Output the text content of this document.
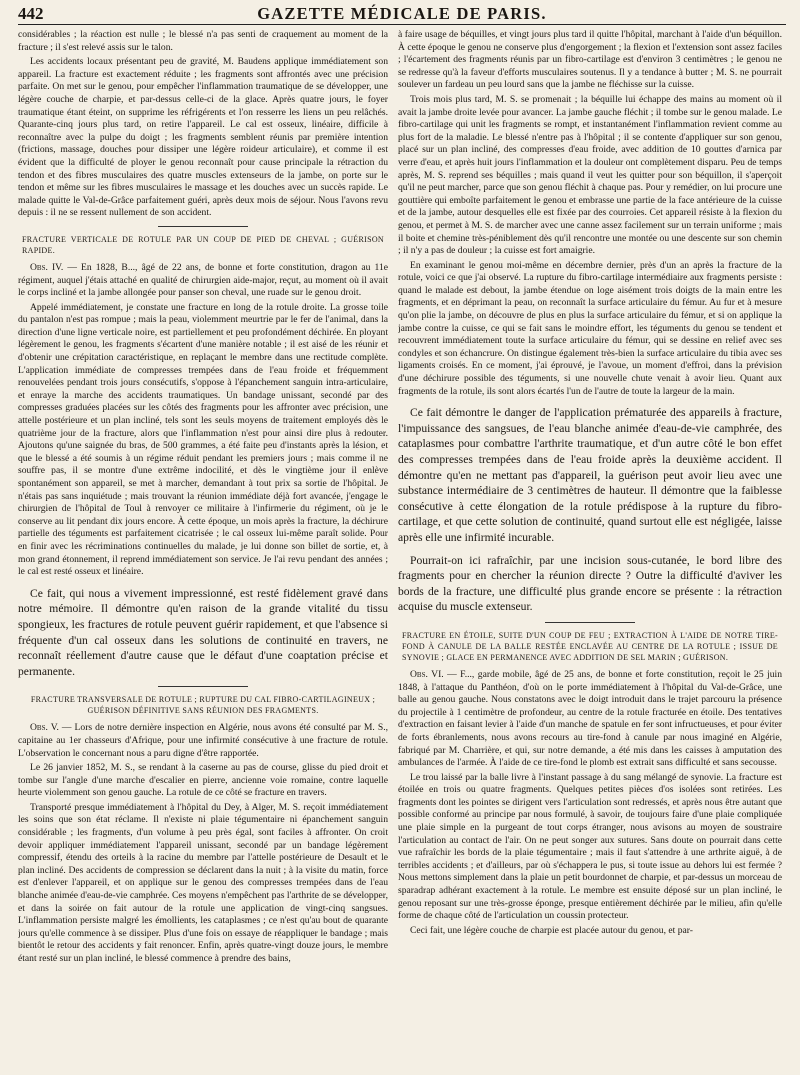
442	GAZETTE MÉDICALE DE PARIS.

considérables ; la réaction est nulle ; le blessé n'a pas senti de craquement au moment de la fracture ; il s'est relevé assis sur le talon.

Les accidents locaux présentant peu de gravité, M. Baudens applique immédiatement son appareil. La fracture est exactement réduite ; les fragments sont affrontés avec une précision parfaite. On met sur le genou, pour empêcher l'inflammation traumatique de se développer, une légère couche de charpie, et par-dessus celle-ci de la glace. Après quatre jours, le foyer traumatique étant éteint, on supprime les réfrigérents et l'on resserre les liens un peu relâchés. Quarante-cinq jours plus tard, on retire l'appareil. Le cal est osseux, linéaire, difficile à reconnaître avec la pulpe du doigt ; les fragments semblent réunis par première intention (frictions, massage, douches pour dissiper une légère roideur articulaire), et comme il est évident que la difficulté de ployer le genou reconnaît pour cause principale la rétraction du tendon et des fibres musculaires des quatre muscles extenseurs de la jambe, on porte sur le tendon et même sur les fibres musculaires le massage et les douches avec un succès rapide. Le malade quitte le Val-de-Grâce parfaitement guéri, après deux mois de séjour. Nous l'avons revu depuis : il ne se ressent nullement de son accident.

FRACTURE VERTICALE DE ROTULE PAR UN COUP DE PIED DE CHEVAL ; GUÉRISON RAPIDE.

Obs. IV. — En 1828, B..., âgé de 22 ans, de bonne et forte constitution, dragon au 11e régiment, auquel j'étais attaché en qualité de chirurgien aide-major, reçut, au moment où il avait le corps incliné et la jambe allongée pour panser son cheval, une ruade sur le genou droit.

Appelé immédiatement, je constate une fracture en long de la rotule droite. La grosse toile du pantalon n'est pas rompue ; mais la peau, violemment meurtrie par le fer de l'animal, dans la direction d'une ligne verticale noire, est partiellement et peu profondément déchirée. En ployant légèrement le genou, les fragments s'écartent d'une manière notable ; il est aisé de les réunir et d'obtenir une crépitation caractéristique, en replaçant le membre dans une rectitude complète. L'application immédiate de compresses trempées dans de l'eau froide et fréquemment renouvelées pendant trois jours consécutifs, s'oppose à l'épanchement sanguin intra-articulaire, et enraye la marche des accidents traumatiques. Un bandage unissant, secondé par des compresses graduées placées sur les côtés des fragments pour les affronter avec précision, une attelle postérieure et un plan incliné, tels sont les seuls moyens de traitement employés dès le quatrième jour de la fracture, alors que l'inflammation n'est pour ainsi dire plus à redouter. Ajoutons qu'une saignée du bras, de 500 grammes, a été faite peu d'instants après la lésion, et que le blessé a été soumis à un régime réduit pendant les premiers jours ; mais comme il ne souffre pas, il se montre d'une extrême indocilité, et dès le vingtième jour il enlève spontanément son appareil, se met à marcher, demandant à tout prix sa sortie de l'hôpital. Je n'étais pas sans inquiétude ; mais trouvant la réunion immédiate déjà fort avancée, j'engage le chirurgien de l'hôpital de Toul à renvoyer ce militaire à l'infirmerie du régiment, où je le conserve au lit pendant dix jours encore. À cette époque, un mois après la fracture, la déchirure partielle des téguments est parfaitement cicatrisée ; le cal osseux lui-même paraît solide. Pour en finir avec les récriminations continuelles du malade, je lui donne son billet de sortie, et, à mon grand étonnement, il reprend immédiatement son service. Je l'ai revu pendant des années ; le cal est resté osseux et linéaire.

Ce fait, qui nous a vivement impressionné, est resté fidèlement gravé dans notre mémoire. Il démontre qu'en raison de la grande vitalité du tissu spongieux, les fractures de rotule peuvent guérir rapidement, et que l'absence si fréquente d'un cal osseux dans les solutions de continuité en travers, ne reconnaît réellement d'autre cause que le défaut d'une coaptation précise et permanente.

FRACTURE TRANSVERSALE DE ROTULE ; RUPTURE DU CAL FIBRO-CARTILAGINEUX ; GUÉRISON DÉFINITIVE SANS RÉUNION DES FRAGMENTS.

Obs. V. — Lors de notre dernière inspection en Algérie, nous avons été consulté par M. S., capitaine au 1er chasseurs d'Afrique, pour une infirmité consécutive à une fracture de rotule. L'observation le concernant nous a paru digne d'être rapportée.

Le 26 janvier 1852, M. S., se rendant à la caserne au pas de course, glisse du pied droit et tombe sur l'angle d'une marche d'escalier en pierre, ancienne voie romaine, contre laquelle heurte violemment son genou gauche. La rotule de ce côté se fracture en travers.

Transporté presque immédiatement à l'hôpital du Dey, à Alger, M. S. reçoit immédiatement les soins que son état réclame. Il n'existe ni plaie tégumentaire ni épanchement sanguin considérable ; les fragments, d'un volume à peu près égal, sont faciles à affronter. On croit devoir appliquer immédiatement l'appareil unissant, secondé par un bandage légèrement compressif, étendu des orteils à la racine du membre par l'attelle postérieure de Desault et le plan incliné. Des accidents de compression se déclarent dans la nuit ; à la visite du matin, force est d'enlever l'appareil, et on applique sur le genou des compresses trempées dans de l'eau blanche animée d'eau-de-vie camphrée. Ces moyens n'empêchent pas l'arthrite de se développer, et dans la soirée on fait autour de la rotule une application de vingt-cinq sangsues. L'inflammation persiste malgré les émollients, les cataplasmes ; ce n'est qu'au bout de quarante jours qu'elle commence à se dissiper. Plus d'une fois on essaye de réappliquer le bandage ; mais bientôt le retour des accidents y fait renoncer. Enfin, après quatre-vingt douze jours, le membre étant resté sur un plan incliné, le blessé commence à prendre des bains,

à faire usage de béquilles, et vingt jours plus tard il quitte l'hôpital, marchant à l'aide d'un béquillon. À cette époque le genou ne conserve plus d'engorgement ; la flexion et l'extension sont assez faciles ; l'écartement des fragments réunis par un fibro-cartilage est d'environ 3 centimètres ; le genou ne se redresse qu'à la faveur d'efforts musculaires soutenus. Il y a tendance à butter ; M. S. ne pourrait soulever un fardeau un peu lourd sans que la jambe ne fléchisse sur la cuisse.

Trois mois plus tard, M. S. se promenait ; la béquille lui échappe des mains au moment où il avait la jambe droite levée pour avancer. La jambe gauche fléchit ; il tombe sur le genou malade. Le fibro-cartilage qui unit les fragments se rompt, et instantanément l'inflammation revient comme au plus fort de la maladie. Le blessé n'entre pas à l'hôpital ; il se contente d'appliquer sur son genou, placé sur un plan incliné, des compresses d'eau froide, avec addition de 10 gouttes d'arnica par verre d'eau, et après huit jours l'inflammation et la douleur ont complètement disparu. Peu de temps après, M. S. reprend ses béquilles ; mais quand il veut les quitter pour son béquillon, il s'aperçoit qu'il ne peut marcher, parce que son genou fléchit à chaque pas. Pour y remédier, on lui procure une gouttière qui emboîte parfaitement le genou et embrasse une partie de la face antérieure de la cuisse et de la jambe, autour desquelles elle est fixée par des courroies. Cet appareil résiste à la flexion du genou, et permet à M. S. de marcher avec une canne assez facilement sur un terrain uniforme ; mais il boite et chemine très-péniblement dès qu'il rencontre une montée ou une descente sur son chemin ; il n'y a pas de douleur ; la cuisse est fort amaigrie.

En examinant le genou moi-même en décembre dernier, près d'un an après la fracture de la rotule, voici ce que j'ai observé. La rupture du fibro-cartilage intermédiaire aux fragments persiste : quand le malade est debout, la jambe étendue on loge aisément trois doigts de la main entre les fragments, et en déprimant la peau, on reconnaît la surface articulaire du fémur. Au fur et à mesure qu'on plie la jambe, on découvre de plus en plus la surface articulaire du fémur, et si on applique la jambe contre la cuisse, ce qui se fait sans le moindre effort, les téguments du genou se tendent et recouvrent immédiatement toute la surface articulaire du fémur, qui se dessine en relief avec ses condyles et son échancrure. On distingue également très-bien la surface articulaire du tibia avec ses ligaments croisés. En ce moment, j'ai éprouvé, je l'avoue, un moment d'effroi, dans la prévision d'une déchirure possible des téguments, si une nouvelle chute venait à avoir lieu. Quant aux fragments de la rotule, ils sont alors écartés l'un de l'autre de toute la largeur de la main.

Ce fait démontre le danger de l'application prématurée des appareils à fracture, l'impuissance des sangsues, de l'eau blanche animée d'eau-de-vie camphrée, des cataplasmes pour combattre l'arthrite traumatique, et d'un autre côté le bon effet des compresses trempées dans de l'eau froide après la deuxième accident. Il démontre qu'en ne mettant pas d'appareil, la guérison peut avoir lieu avec une substance intermédiaire de 3 centimètres de hauteur. Il démontre que la faiblesse consécutive à cette élongation de la rotule prédispose à la rupture du fibro-cartilage, et que cette solution de continuité, quand surtout elle est négligée, laisse après elle une infirmité incurable.

Pourrait-on ici rafraîchir, par une incision sous-cutanée, le bord libre des fragments pour en chercher la réunion directe ? Outre la difficulté d'aviver les bords de la fracture, une difficulté plus grande encore se présente : la rétraction acquise du muscle extenseur.

FRACTURE EN ÉTOILE, SUITE D'UN COUP DE FEU ; EXTRACTION À L'AIDE DE NOTRE TIRE-FOND À CANULE DE LA BALLE RESTÉE ENCLAVÉE AU CENTRE DE LA ROTULE ; ISSUE DE SYNOVIE ; GLACE EN PERMANENCE AVEC ADDITION DE SEL MARIN ; GUÉRISON.

Obs. VI. — F..., garde mobile, âgé de 25 ans, de bonne et forte constitution, reçoit le 25 juin 1848, à l'attaque du Panthéon, d'où on le porte immédiatement à l'hôpital du Val-de-Grâce, une balle au genou gauche. Nous constatons avec le doigt introduit dans le trajet parcouru la présence du projectile à 1 centimètre de profondeur, au centre de la rotule fracturée en étoile. Des tentatives d'extraction en faisant levier à l'aide d'un manche de spatule en fer sont infructueuses, et pour éviter de forts ébranlements, nous avons recours au tire-fond à canule par nous imaginé en Algérie, fabriqué par M. Charrière, et qui, sur notre demande, a été mis dans les caisses à amputation des ambulances de l'armée. À l'aide de ce tire-fond le plomb est extrait sans difficulté et sans secousse.

Le trou laissé par la balle livre à l'instant passage à du sang mélangé de synovie. La fracture est étoilée en trois ou quatre fragments. Quelques petites pièces d'os isolées sont retirées. Les fragments dont les pointes se dirigent vers l'articulation sont redressés, et après nous être autant que possible conformé au principe par nous formulé, à savoir, de toujours faire d'une plaie compliquée une plaie simple en la purgeant de tout corps étranger, nous avisons au moyen de soustraire l'articulation au contact de l'air. On ne peut songer aux sutures. Sans doute on pourrait dans cette vue rafraîchir les bords de la plaie tégumentaire ; mais il faut s'attendre à une arthrite aiguë, à de terribles accidents ; et d'ailleurs, par où s'échappera le pus, si toute issue au dehors lui est fermée ? Nous mettons simplement dans la plaie un petit bourdonnet de charpie, et par-dessus un morceau de sparadrap adhérant exactement à la rotule. Le membre est ensuite déposé sur un plan incliné, le genou reposant sur une très-grosse éponge, presque entièrement déchirée par le milieu, afin qu'elle forme de chaque côté de l'articulation un coussin protecteur.

Ceci fait, une légère couche de charpie est placée autour du genou, et par-
